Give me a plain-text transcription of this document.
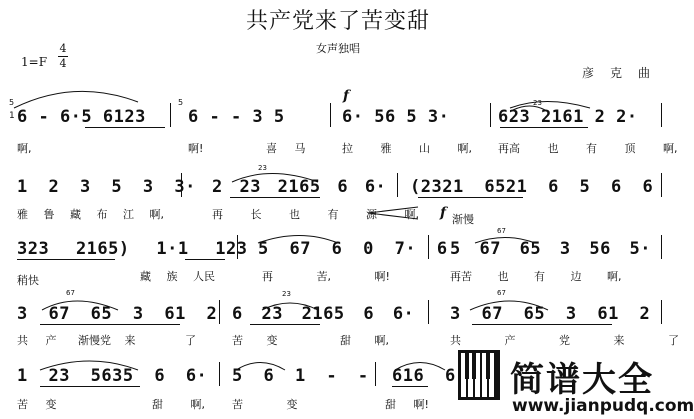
共产党来了苦变甜
女声独唱
1=F
4
4
彦克曲
5	5
1 6 - 6·5 6123 6 - - 3 5
f
6· 56 5 3·
23
623 2161 2 2·
啊,	啊!	喜 马	拉 雅 山 啊, 再高 也 有 顶 啊,
1 2 3 5 3 3·
23
2 23 2165 6 6· (2321 6521 6 5 6 6
雅 鲁 藏 布 江 啊,	再 长 也 有 源 啊, f 渐慢
323 2165) 1·1 123 5 67 6 0 7· 6
67
5 67 65 3 56 5·
稍快	藏 族 人民	再 苦, 啊!	再苦 也 有 边 啊,
67
3 67 65 3 61 2
23
6 23 2165 6 6·
67
3 67 65 3 61 2
共 产 渐慢党 来	了	苦 变	甜 啊,	共 产 党 来 了
1 23 5635 6 6· 5 6 1 - - 616 6
苦 变	甜 啊, 苦 变	甜 啊!
简谱大全
www.jianpudq.com
